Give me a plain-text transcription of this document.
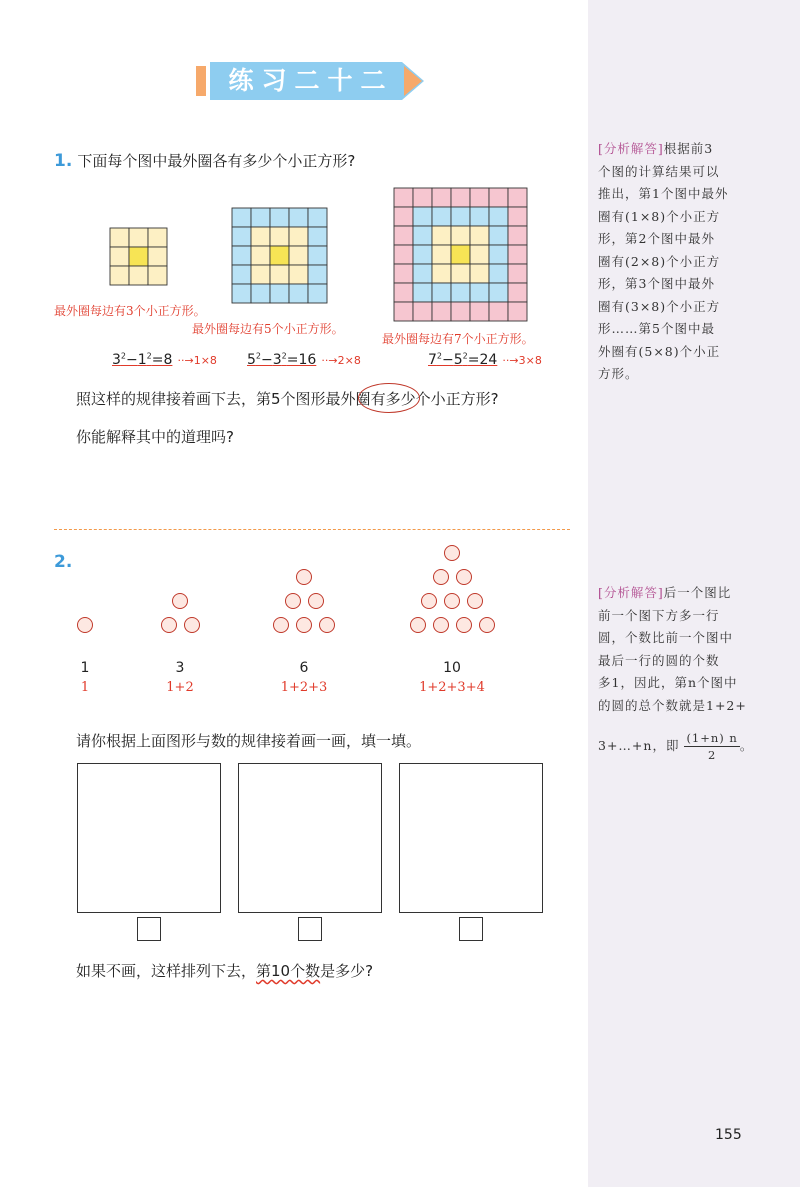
练习二十二
1. 下面每个图中最外圈各有多少个小正方形?
最外圈每边有3个小正方形。
最外圈每边有5个小正方形。
最外圈每边有7个小正方形。
$3^2-1^2=8 \cdot\cdot\to 1\times 8$ $5^2-3^2=16 \cdot\cdot\to 2\times 8$	$7^2-5^2=24 \cdot\cdot\to 3\times 8$
照这样的规律接着画下去，第5个图形最外圈有多少个小正方形?
你能解释其中的道理吗?
2.
1	3	6	10
1	1+2	1+2+3	1+2+3+4
请你根据上面图形与数的规律接着画一画，填一填。
如果不画，这样排列下去，第10个数是多少?
[分析解答]根据前3
个图的计算结果可以
推出，第1个图中最外
圈有(1×8)个小正方
形，第2个图中最外
圈有(2×8)个小正方
形，第3个图中最外
圈有(3×8)个小正方
形……第5个图中最
外圈有(5×8)个小正
方形。
[分析解答]后一个图比
前一个图下方多一行
圆，个数比前一个图中
最后一行的圆的个数
多1，因此，第n个图中
的圆的总个数就是1+2+
3+…+n，即 $\frac{(1+n) n}{2}$ 。
155
